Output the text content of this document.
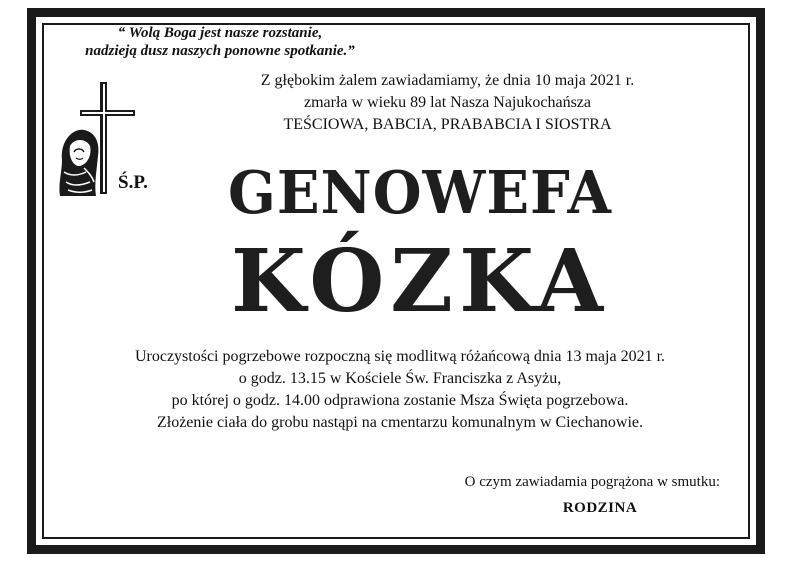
“ Wolą Boga jest nasze rozstanie,
nadzieją dusz naszych ponowne spotkanie.”
Z głębokim żalem zawiadamiamy, że dnia 10 maja 2021 r.
zmarła w wieku 89 lat Nasza Najukochańsza
TEŚCIOWA, BABCIA, PRABABCIA I SIOSTRA
Ś.P.	GENOWEFA
KÓZKA
Uroczystości pogrzebowe rozpoczną się modlitwą różańcową dnia 13 maja 2021 r.
o godz. 13.15 w Kościele Św. Franciszka z Asyżu,
po której o godz. 14.00 odprawiona zostanie Msza Święta pogrzebowa.
Złożenie ciała do grobu nastąpi na cmentarzu komunalnym w Ciechanowie.
O czym zawiadamia pogrążona w smutku:
RODZINA
